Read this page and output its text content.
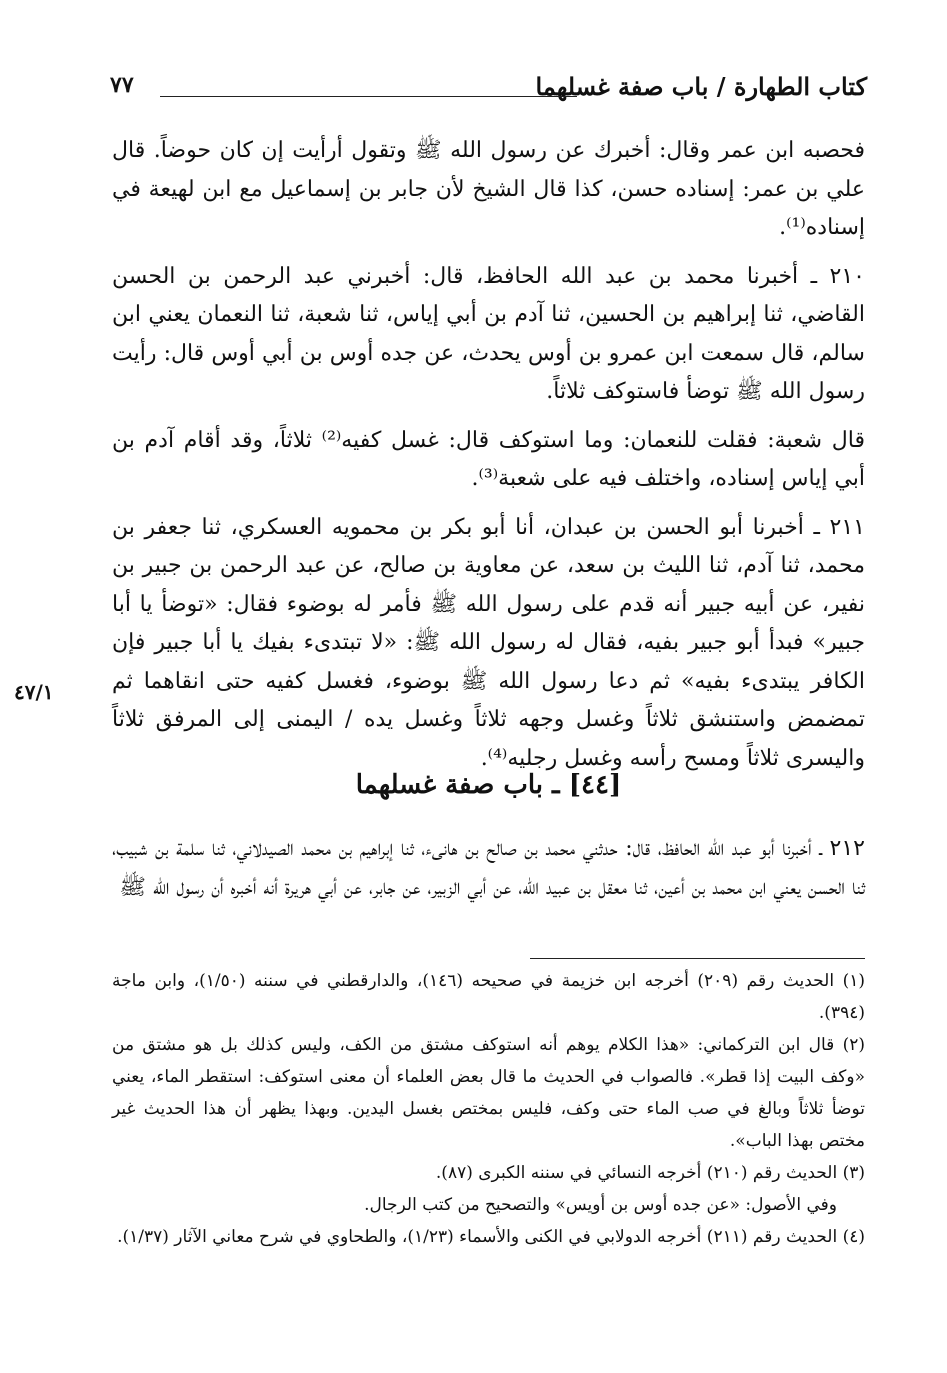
كتاب الطهارة / باب صفة غسلهما
٧٧

فحصبه ابن عمر وقال: أخبرك عن رسول الله ﷺ وتقول أرأيت إن كان حوضاً. قال علي بن عمر: إسناده حسن، كذا قال الشيخ لأن جابر بن إسماعيل مع ابن لهيعة في إسناده⁽¹⁾.

٢١٠ ـ أخبرنا محمد بن عبد الله الحافظ، قال: أخبرني عبد الرحمن بن الحسن القاضي، ثنا إبراهيم بن الحسين، ثنا آدم بن أبي إياس، ثنا شعبة، ثنا النعمان يعني ابن سالم، قال سمعت ابن عمرو بن أوس يحدث، عن جده أوس بن أبي أوس قال: رأيت رسول الله ﷺ توضأ فاستوكف ثلاثاً.

قال شعبة: فقلت للنعمان: وما استوكف قال: غسل كفيه⁽²⁾ ثلاثاً، وقد أقام آدم بن أبي إياس إسناده، واختلف فيه على شعبة⁽³⁾.

٢١١ ـ أخبرنا أبو الحسن بن عبدان، أنا أبو بكر بن محمويه العسكري، ثنا جعفر بن محمد، ثنا آدم، ثنا الليث بن سعد، عن معاوية بن صالح، عن عبد الرحمن بن جبير بن نفير، عن أبيه جبير أنه قدم على رسول الله ﷺ فأمر له بوضوء فقال: «توضأ يا أبا جبير» فبدأ أبو جبير بفيه، فقال له رسول الله ﷺ: «لا تبتدىء بفيك يا أبا جبير فإن الكافر يبتدىء بفيه» ثم دعا رسول الله ﷺ بوضوء، فغسل كفيه حتى انقاهما ثم تمضمض واستنشق ثلاثاً وغسل وجهه ثلاثاً وغسل يده / اليمنى إلى المرفق ثلاثاً واليسرى ثلاثاً ومسح رأسه وغسل رجليه⁽⁴⁾.

٤٧/١
[٤٤] ـ باب صفة غسلهما

٢١٢ ـ أخبرنا أبو عبد الله الحافظ، قال: حدثني محمد بن صالح بن هانىء، ثنا إبراهيم بن محمد الصيدلاني، ثنا سلمة بن شبيب، ثنا الحسن يعني ابن محمد بن أعين، ثنا معقل بن عبيد الله، عن أبي الزبير، عن جابر، عن أبي هريرة أنه أخبره أن رسول الله ﷺ

(١) الحديث رقم (٢٠٩) أخرجه ابن خزيمة في صحيحه (١٤٦)، والدارقطني في سننه (١/٥٠)، وابن ماجة (٣٩٤).

(٢) قال ابن التركماني: «هذا الكلام يوهم أنه استوكف مشتق من الكف، وليس كذلك بل هو مشتق من «وكف البيت إذا قطر». فالصواب في الحديث ما قال بعض العلماء أن معنى استوكف: استقطر الماء، يعني توضأ ثلاثاً وبالغ في صب الماء حتى وكف، فليس بمختص بغسل اليدين. وبهذا يظهر أن هذا الحديث غير مختص بهذا الباب».

(٣) الحديث رقم (٢١٠) أخرجه النسائي في سننه الكبرى (٨٧).

وفي الأصول: «عن جده أوس بن أويس» والتصحيح من كتب الرجال.

(٤) الحديث رقم (٢١١) أخرجه الدولابي في الكنى والأسماء (١/٢٣)، والطحاوي في شرح معاني الآثار (١/٣٧).
